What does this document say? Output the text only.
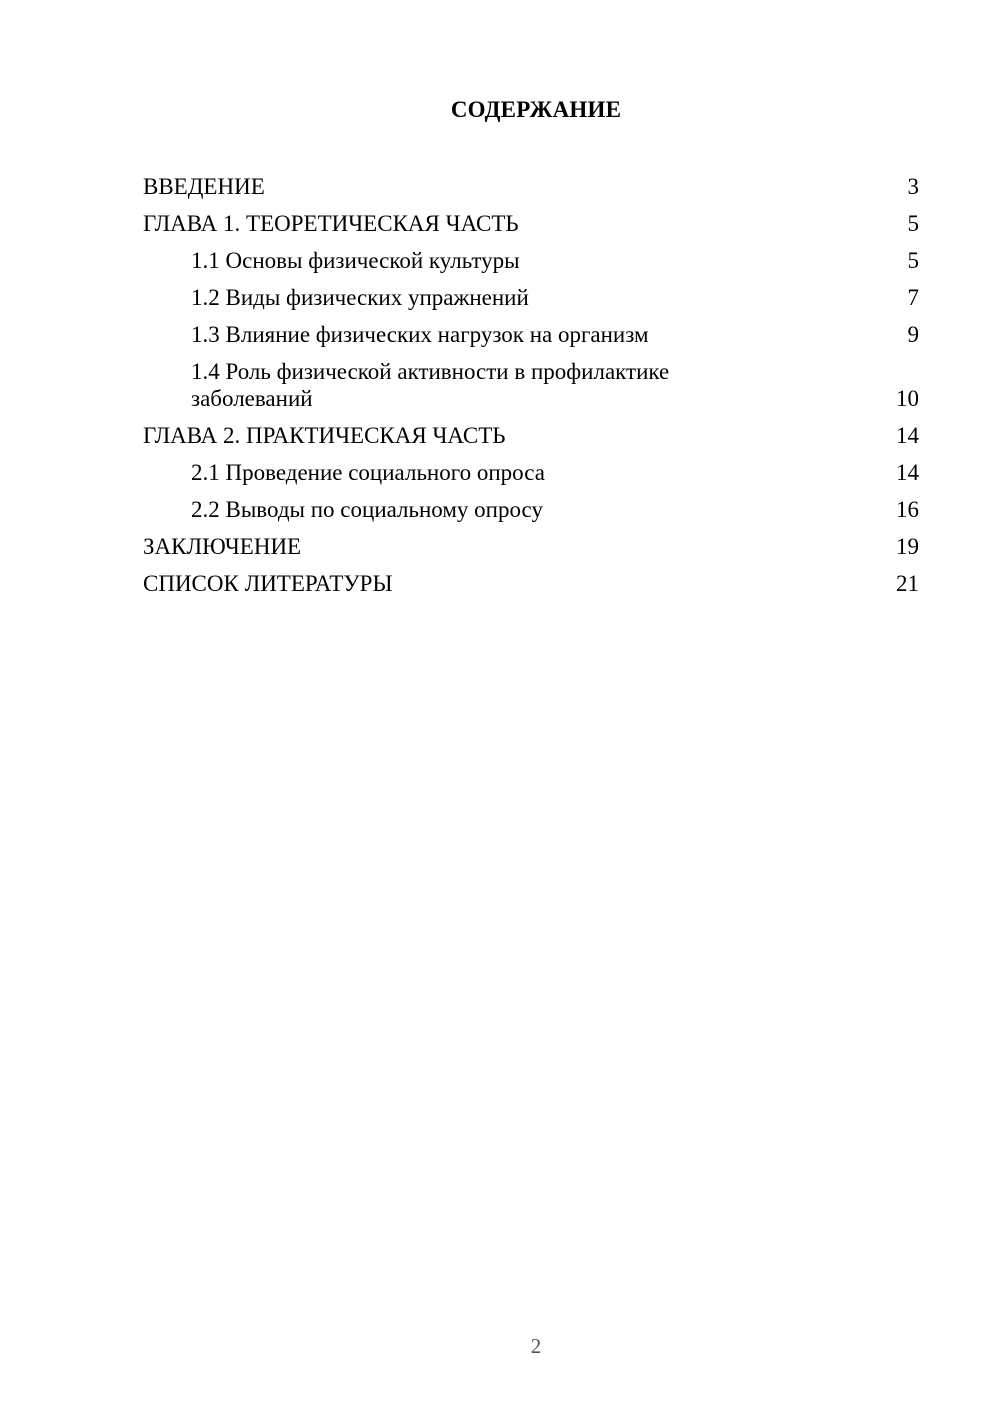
СОДЕРЖАНИЕ
ВВЕДЕНИЕ	3
ГЛАВА 1. ТЕОРЕТИЧЕСКАЯ ЧАСТЬ	5
1.1 Основы физической культуры	5
1.2 Виды физических упражнений	7
1.3 Влияние физических нагрузок на организм	9
1.4 Роль физической активности в профилактике заболеваний	10
ГЛАВА 2. ПРАКТИЧЕСКАЯ ЧАСТЬ	14
2.1 Проведение социального опроса	14
2.2 Выводы по социальному опросу	16
ЗАКЛЮЧЕНИЕ	19
СПИСОК ЛИТЕРАТУРЫ	21
2
